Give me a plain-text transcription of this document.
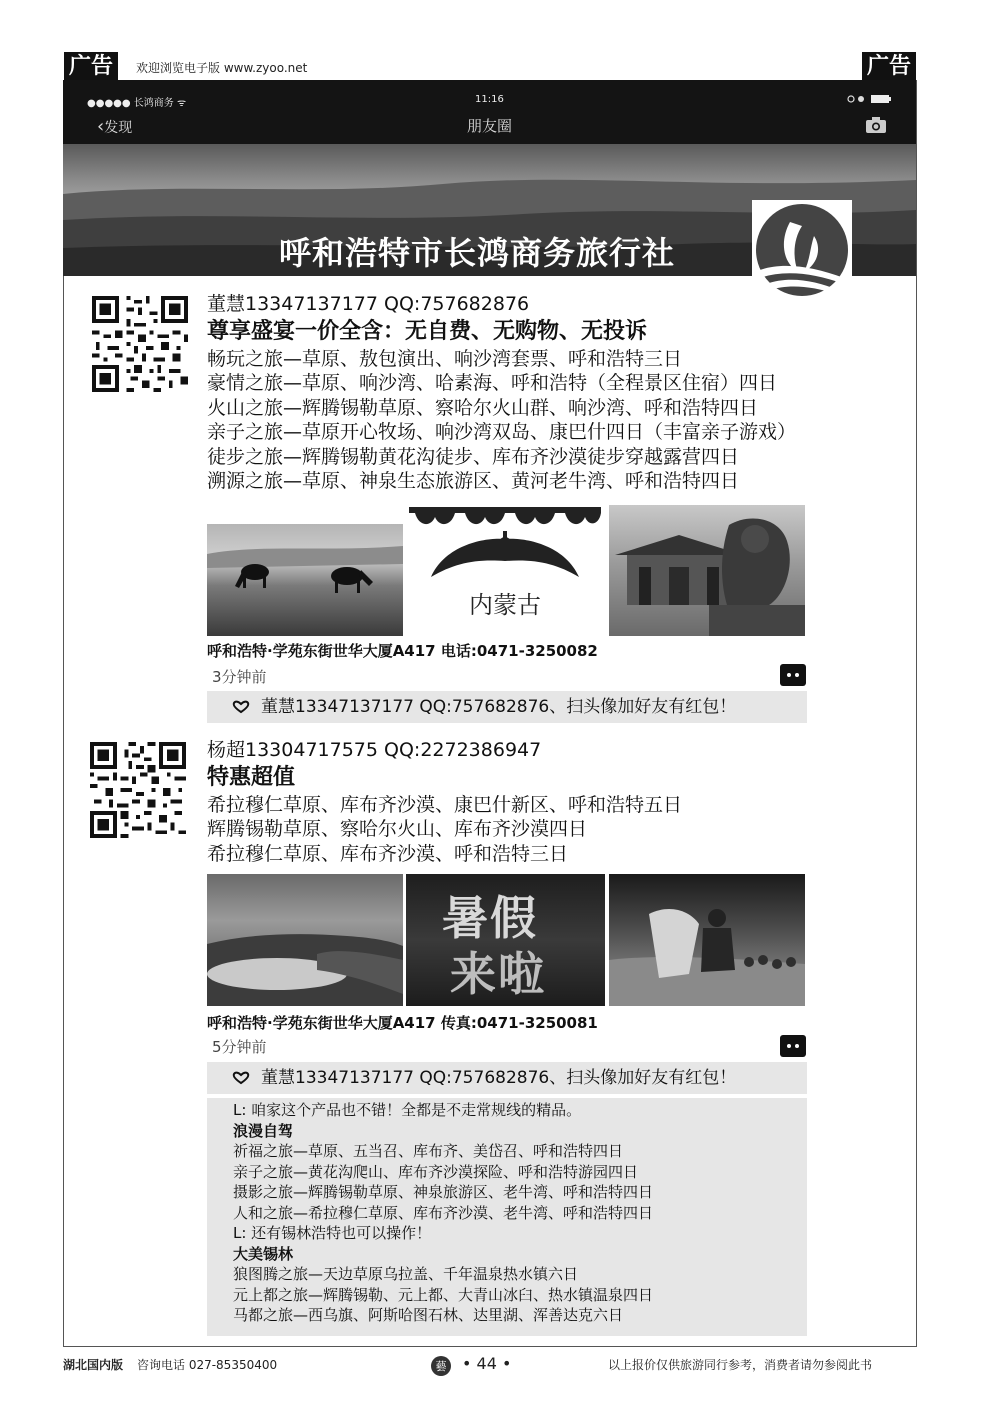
广告	欢迎浏览电子版 www.zyoo.net	广告
●●●●● 长鸿商务 ᯤ	11:16
‹发现	朋友圈
呼和浩特市长鸿商务旅行社
董慧13347137177 QQ:757682876
尊享盛宴一价全含：无自费、无购物、无投诉
畅玩之旅—草原、敖包演出、响沙湾套票、呼和浩特三日
豪情之旅—草原、响沙湾、哈素海、呼和浩特（全程景区住宿）四日
火山之旅—辉腾锡勒草原、察哈尔火山群、响沙湾、呼和浩特四日
亲子之旅—草原开心牧场、响沙湾双岛、康巴什四日（丰富亲子游戏）
徒步之旅—辉腾锡勒黄花沟徒步、库布齐沙漠徒步穿越露营四日
溯源之旅—草原、神泉生态旅游区、黄河老牛湾、呼和浩特四日
内蒙古
呼和浩特·学苑东街世华大厦A417 电话:0471-3250082
3分钟前
董慧13347137177 QQ:757682876、扫头像加好友有红包！
杨超13304717575 QQ:2272386947
特惠超值
希拉穆仁草原、库布齐沙漠、康巴什新区、呼和浩特五日
辉腾锡勒草原、察哈尔火山、库布齐沙漠四日
希拉穆仁草原、库布齐沙漠、呼和浩特三日
暑假
来啦
呼和浩特·学苑东街世华大厦A417 传真:0471-3250081
5分钟前
董慧13347137177 QQ:757682876、扫头像加好友有红包！
L: 咱家这个产品也不错！全都是不走常规线的精品。
浪漫自驾
祈福之旅—草原、五当召、库布齐、美岱召、呼和浩特四日
亲子之旅—黄花沟爬山、库布齐沙漠探险、呼和浩特游园四日
摄影之旅—辉腾锡勒草原、神泉旅游区、老牛湾、呼和浩特四日
人和之旅—希拉穆仁草原、库布齐沙漠、老牛湾、呼和浩特四日
L: 还有锡林浩特也可以操作！
大美锡林
狼图腾之旅—天边草原乌拉盖、千年温泉热水镇六日
元上都之旅—辉腾锡勒、元上都、大青山冰臼、热水镇温泉四日
马都之旅—西乌旗、阿斯哈图石林、达里湖、浑善达克六日
湖北国内版 咨询电话 027-85350400	藝 • 44 •	以上报价仅供旅游同行参考，消费者请勿参阅此书
